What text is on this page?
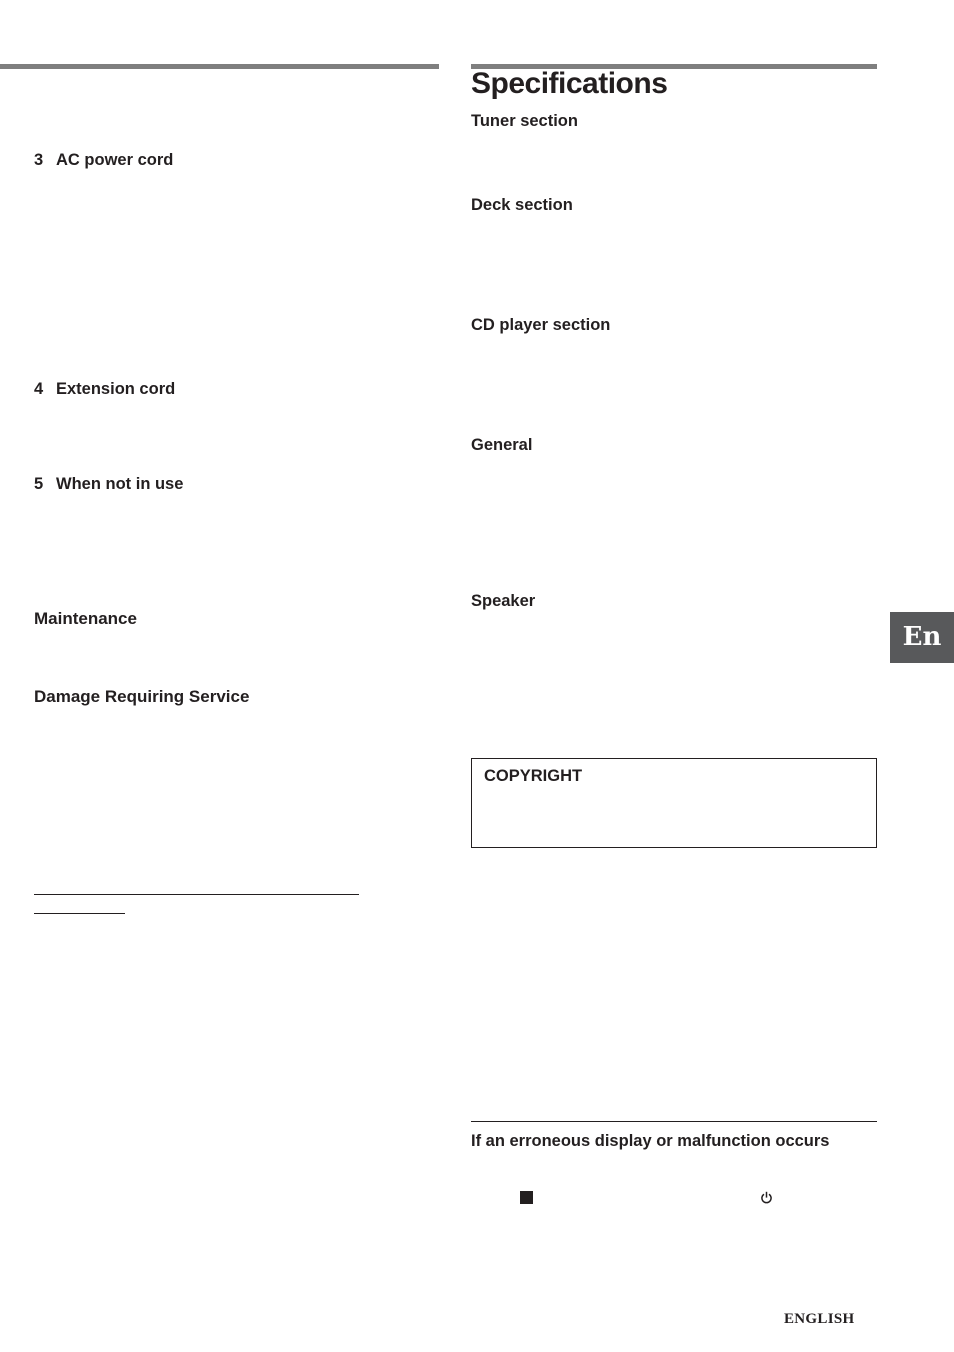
3 AC power cord
4 Extension cord
5 When not in use
Maintenance
Damage Requiring Service
Specifications
Tuner section
Deck section
CD player section
General
Speaker
COPYRIGHT
If an erroneous display or malfunction occurs
En
ENGLISH
